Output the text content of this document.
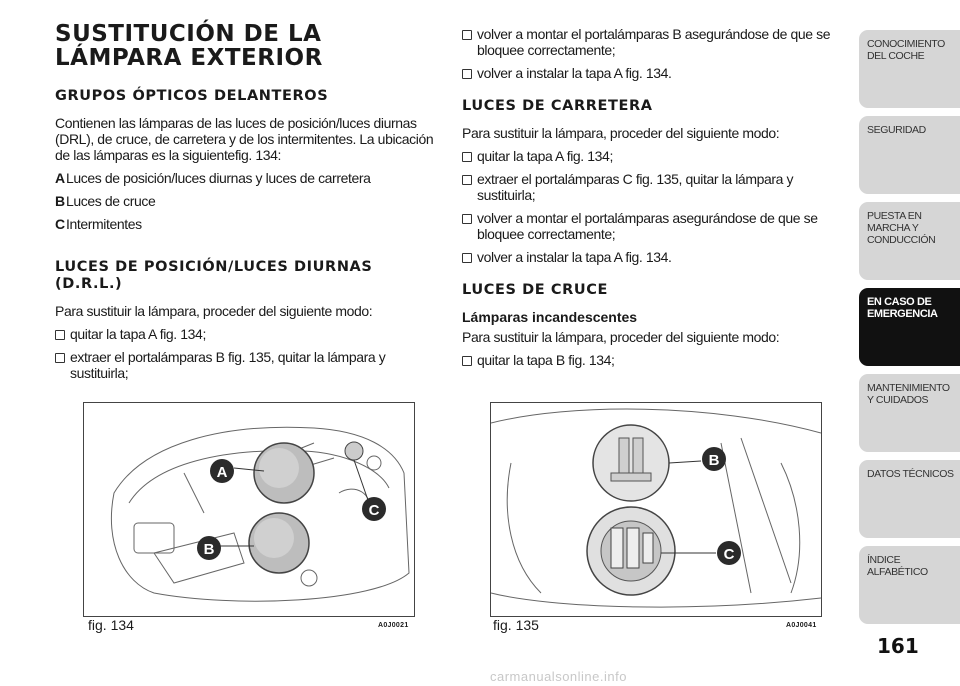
SUSTITUCIÓN DE LA LÁMPARA EXTERIOR
GRUPOS ÓPTICOS DELANTEROS

Contienen las lámparas de las luces de posición/luces diurnas (DRL), de cruce, de carretera y de los intermitentes. La ubicación de las lámparas es la siguientefig. 134:

A Luces de posición/luces diurnas y luces de carretera
B Luces de cruce
C Intermitentes
LUCES DE POSICIÓN/LUCES DIURNAS (D.R.L.)

Para sustituir la lámpara, proceder del siguiente modo:

quitar la tapa A fig. 134;
extraer el portalámparas B fig. 135, quitar la lámpara y sustituirla;
volver a montar el portalámparas B asegurándose de que se bloquee correctamente;
volver a instalar la tapa A fig. 134.
LUCES DE CARRETERA

Para sustituir la lámpara, proceder del siguiente modo:

quitar la tapa A fig. 134;
extraer el portalámparas C fig. 135, quitar la lámpara y sustituirla;
volver a montar el portalámparas asegurándose de que se bloquee correctamente;
volver a instalar la tapa A fig. 134.
LUCES DE CRUCE
Lámparas incandescentes

Para sustituir la lámpara, proceder del siguiente modo:

quitar la tapa B fig. 134;
A
B
C
fig. 134	A0J0021
B
C
fig. 135	A0J0041
CONOCIMIENTO DEL COCHE
SEGURIDAD
PUESTA EN MARCHA Y CONDUCCIÓN
EN CASO DE EMERGENCIA
MANTENIMIENTO Y CUIDADOS
DATOS TÉCNICOS
ÍNDICE ALFABÉTICO
161
carmanualsonline.info
